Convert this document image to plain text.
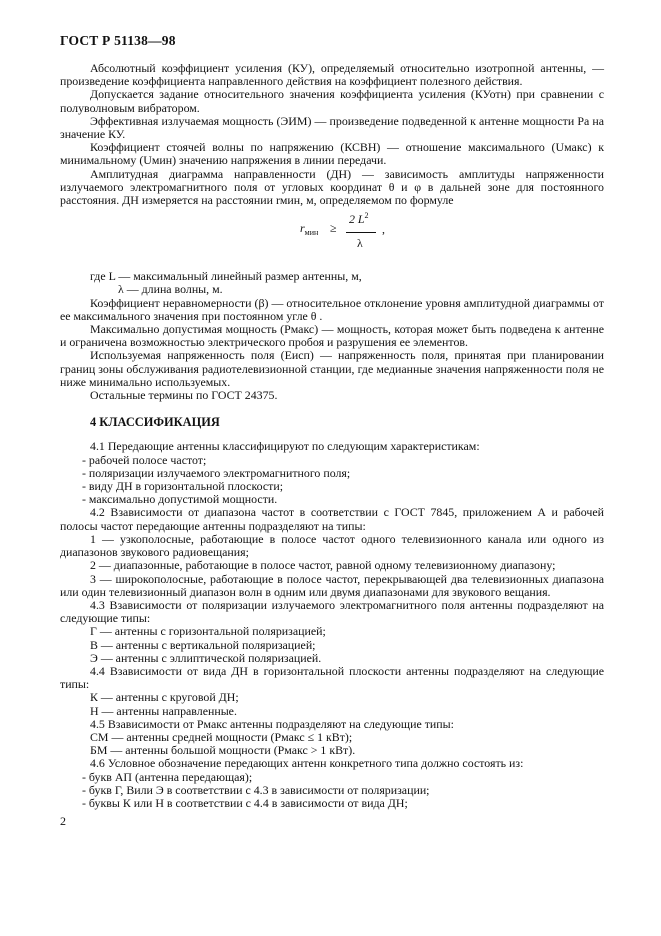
ГОСТ Р 51138—98

Абсолютный коэффициент усиления (КУ), определяемый относительно изотропной антенны, — произведение коэффициента направленного действия на коэффициент полезного действия.

Допускается задание относительного значения коэффициента усиления (КУотн) при сравнении с полуволновым вибратором.

Эффективная излучаемая мощность (ЭИМ) — произведение подведенной к антенне мощности Pа на значение КУ.

Коэффициент стоячей волны по напряжению (КСВН) — отношение максимального (Uмакс) к минимальному (Uмин) значению напряжения в линии передачи.

Амплитудная диаграмма направленности (ДН) — зависимость амплитуды напряженности излучаемого электромагнитного поля от угловых координат θ и φ в дальней зоне для постоянного расстояния. ДН измеряется на расстоянии rмин, м, определяемом по формуле

$r_{мин}$ ≥
2 $L^2$
λ
,

где L — максимальный линейный размер антенны, м,

λ — длина волны, м.

Коэффициент неравномерности (β) — относительное отклонение уровня амплитудной диаграммы от ее максимального значения при постоянном угле θ .

Максимально допустимая мощность (Pмакс) — мощность, которая может быть подведена к антенне и ограничена возможностью электрического пробоя и разрушения ее элементов.

Используемая напряженность поля (Eисп) — напряженность поля, принятая при планировании границ зоны обслуживания радиотелевизионной станции, где медианные значения напряженности поля не ниже минимально используемых.

Остальные термины по ГОСТ 24375.

4 КЛАССИФИКАЦИЯ

4.1 Передающие антенны классифицируют по следующим характеристикам:

- рабочей полосе частот;

- поляризации излучаемого электромагнитного поля;

- виду ДН в горизонтальной плоскости;

- максимально допустимой мощности.

4.2 Взависимости от диапазона частот в соответствии с ГОСТ 7845, приложением А и рабочей полосы частот передающие антенны подразделяют на типы:

1 — узкополосные, работающие в полосе частот одного телевизионного канала или одного из диапазонов звукового радиовещания;

2 — диапазонные, работающие в полосе частот, равной одному телевизионному диапазону;

3 — широкополосные, работающие в полосе частот, перекрывающей два телевизионных диапазона или один телевизионный диапазон волн в одним или двумя диапазонами для звукового вещания.

4.3 Взависимости от поляризации излучаемого электромагнитного поля антенны подразделяют на следующие типы:

Г — антенны с горизонтальной поляризацией;

В — антенны с вертикальной поляризацией;

Э — антенны с эллиптической поляризацией.

4.4 Взависимости от вида ДН в горизонтальной плоскости антенны подразделяют на следующие типы:

К — антенны с круговой ДН;

Н — антенны направленные.

4.5 Взависимости от Pмакс антенны подразделяют на следующие типы:

СМ — антенны средней мощности (Pмакс ≤ 1 кВт);

БМ — антенны большой мощности (Pмакс > 1 кВт).

4.6 Условное обозначение передающих антенн конкретного типа должно состоять из:

- букв АП (антенна передающая);

- букв Г, Вили Э в соответствии с 4.3 в зависимости от поляризации;

- буквы К или Н в соответствии с 4.4 в зависимости от вида ДН;

2
